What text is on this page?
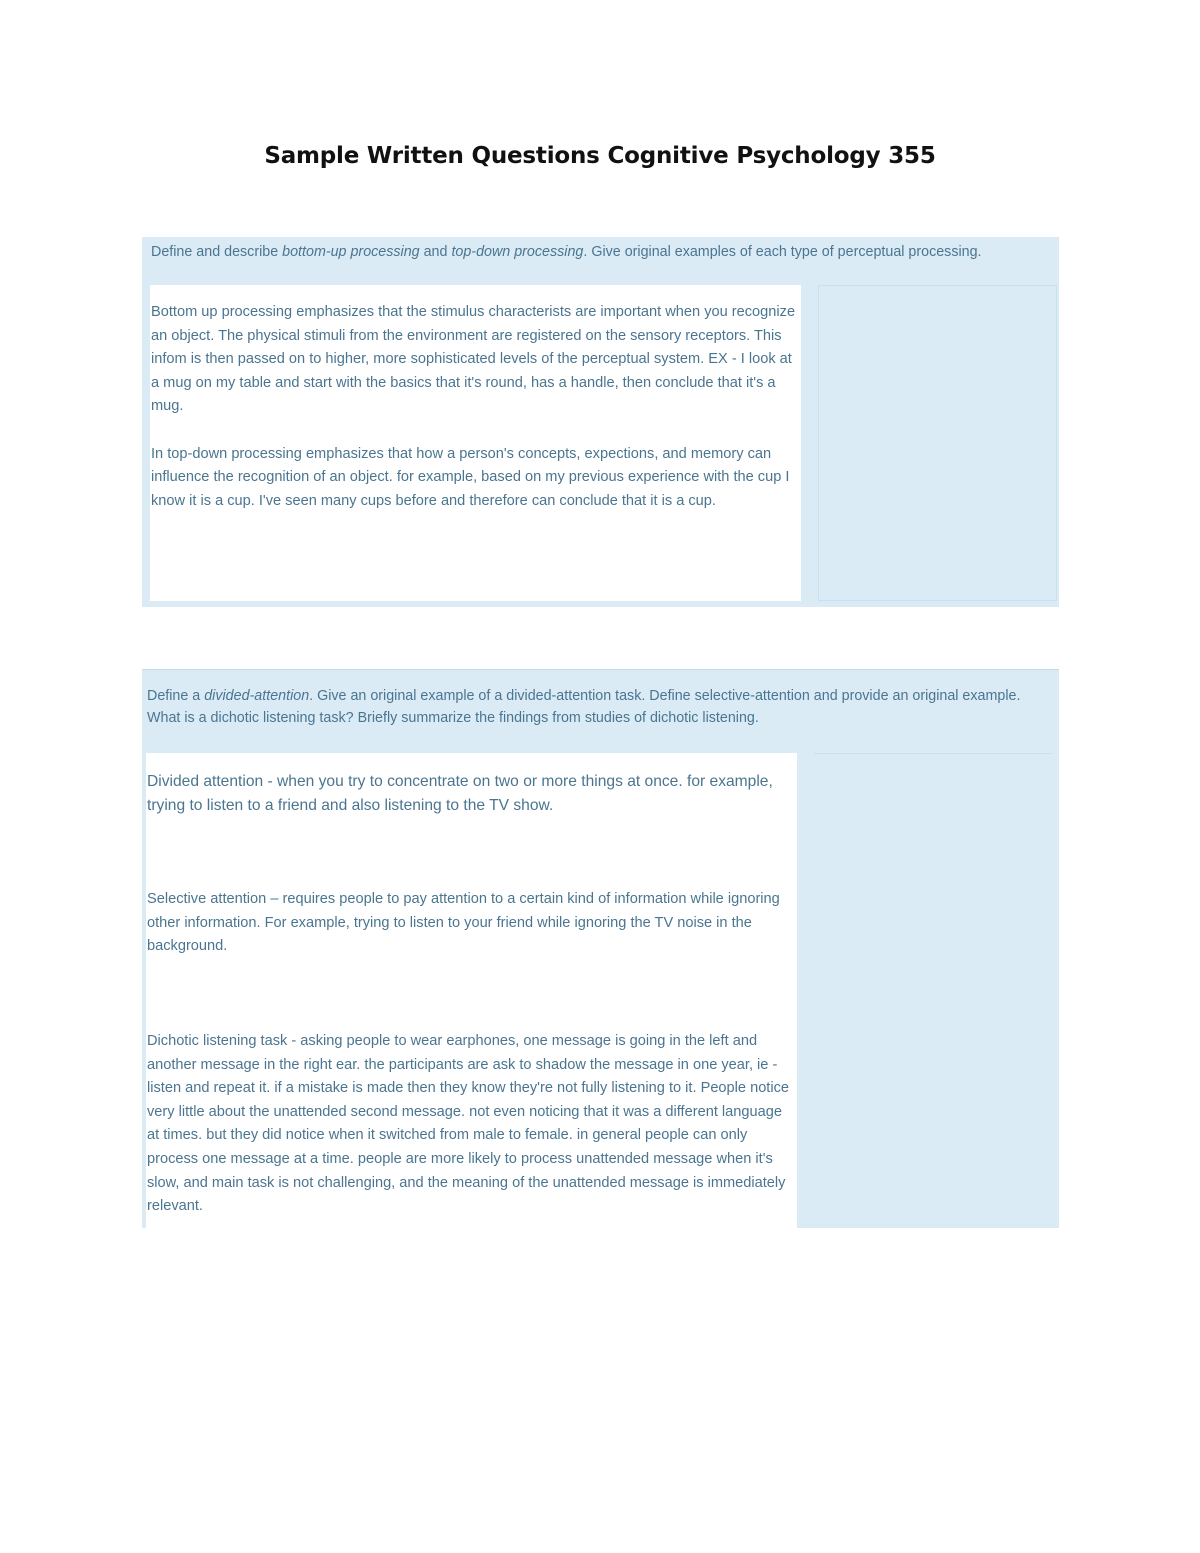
Sample Written Questions Cognitive Psychology 355
Define and describe bottom-up processing and top-down processing. Give original examples of each type of perceptual processing.

Bottom up processing emphasizes that the stimulus characterists are important when you recognize an object. The physical stimuli from the environment are registered on the sensory receptors. This infom is then passed on to higher, more sophisticated levels of the perceptual system. EX - I look at a mug on my table and start with the basics that it's round, has a handle, then conclude that it's a mug.

In top-down processing emphasizes that how a person's concepts, expections, and memory can influence the recognition of an object. for example, based on my previous experience with the cup I know it is a cup. I've seen many cups before and therefore can conclude that it is a cup.

Define a divided-attention. Give an original example of a divided-attention task. Define selective-attention and provide an original example. What is a dichotic listening task? Briefly summarize the findings from studies of dichotic listening.

Divided attention - when you try to concentrate on two or more things at once. for example, trying to listen to a friend and also listening to the TV show.

Selective attention – requires people to pay attention to a certain kind of information while ignoring other information. For example, trying to listen to your friend while ignoring the TV noise in the background.

Dichotic listening task - asking people to wear earphones, one message is going in the left and another message in the right ear. the participants are ask to shadow the message in one year, ie - listen and repeat it. if a mistake is made then they know they're not fully listening to it. People notice very little about the unattended second message. not even noticing that it was a different language at times. but they did notice when it switched from male to female. in general people can only process one message at a time. people are more likely to process unattended message when it's slow, and main task is not challenging, and the meaning of the unattended message is immediately relevant.
